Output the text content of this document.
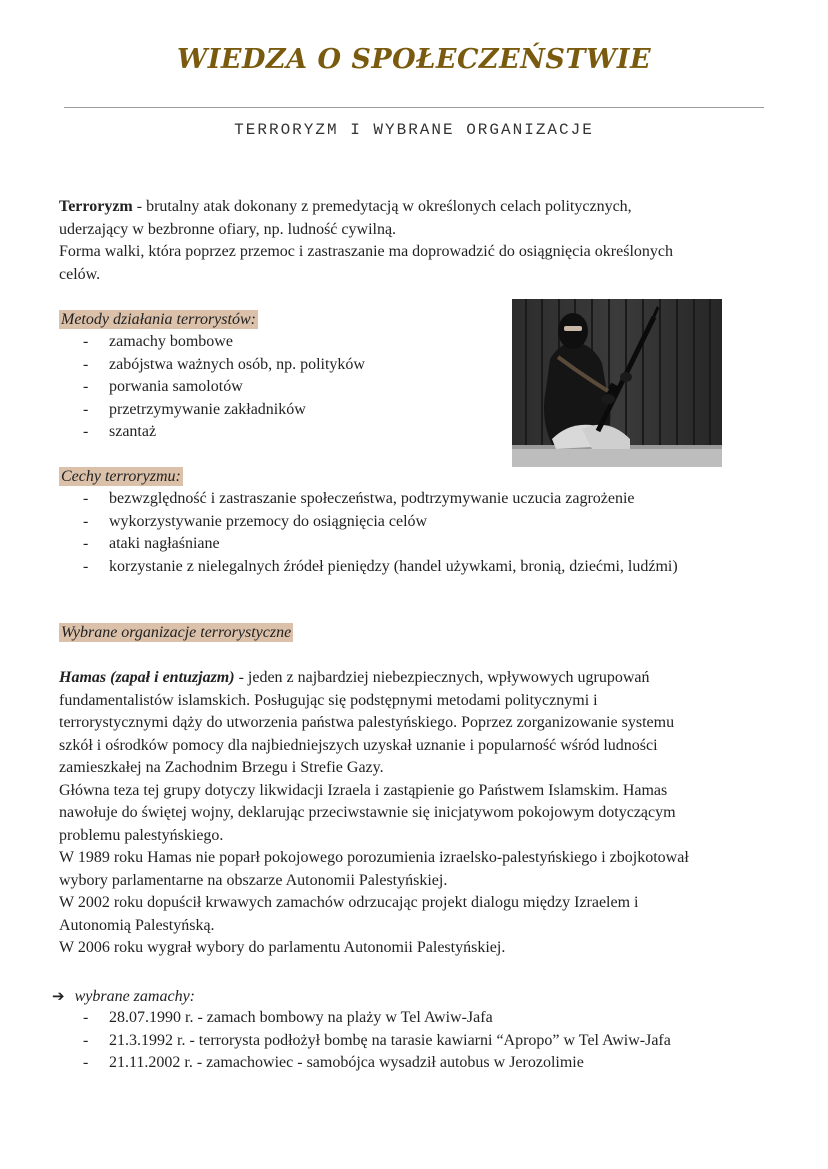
WIEDZA O SPOŁECZEŃSTWIE
TERRORYZM I WYBRANE ORGANIZACJE
Terroryzm - brutalny atak dokonany z premedytacją w określonych celach politycznych,
uderzający w bezbronne ofiary, np. ludność cywilną.
Forma walki, która poprzez przemoc i zastraszanie ma doprowadzić do osiągnięcia określonych
celów.
Metody działania terrorystów:
- zamachy bombowe
- zabójstwa ważnych osób, np. polityków
- porwania samolotów
- przetrzymywanie zakładników
- szantaż
Cechy terroryzmu:
- bezwzględność i zastraszanie społeczeństwa, podtrzymywanie uczucia zagrożenie
- wykorzystywanie przemocy do osiągnięcia celów
- ataki nagłaśniane
- korzystanie z nielegalnych źródeł pieniędzy (handel używkami, bronią, dziećmi, ludźmi)
Wybrane organizacje terrorystyczne
Hamas (zapał i entuzjazm) - jeden z najbardziej niebezpiecznych, wpływowych ugrupowań
fundamentalistów islamskich. Posługując się podstępnymi metodami politycznymi i
terrorystycznymi dąży do utworzenia państwa palestyńskiego. Poprzez zorganizowanie systemu
szkół i ośrodków pomocy dla najbiedniejszych uzyskał uznanie i popularność wśród ludności
zamieszkałej na Zachodnim Brzegu i Strefie Gazy.
Główna teza tej grupy dotyczy likwidacji Izraela i zastąpienie go Państwem Islamskim. Hamas
nawołuje do świętej wojny, deklarując przeciwstawnie się inicjatywom pokojowym dotyczącym
problemu palestyńskiego.
W 1989 roku Hamas nie poparł pokojowego porozumienia izraelsko-palestyńskiego i zbojkotował
wybory parlamentarne na obszarze Autonomii Palestyńskiej.
W 2002 roku dopuścił krwawych zamachów odrzucając projekt dialogu między Izraelem i
Autonomią Palestyńską.
W 2006 roku wygrał wybory do parlamentu Autonomii Palestyńskiej.
➔ wybrane zamachy:
- 28.07.1990 r. - zamach bombowy na plaży w Tel Awiw-Jafa
- 21.3.1992 r. - terrorysta podłożył bombę na tarasie kawiarni “Apropo” w Tel Awiw-Jafa
- 21.11.2002 r. - zamachowiec - samobójca wysadził autobus w Jerozolimie
